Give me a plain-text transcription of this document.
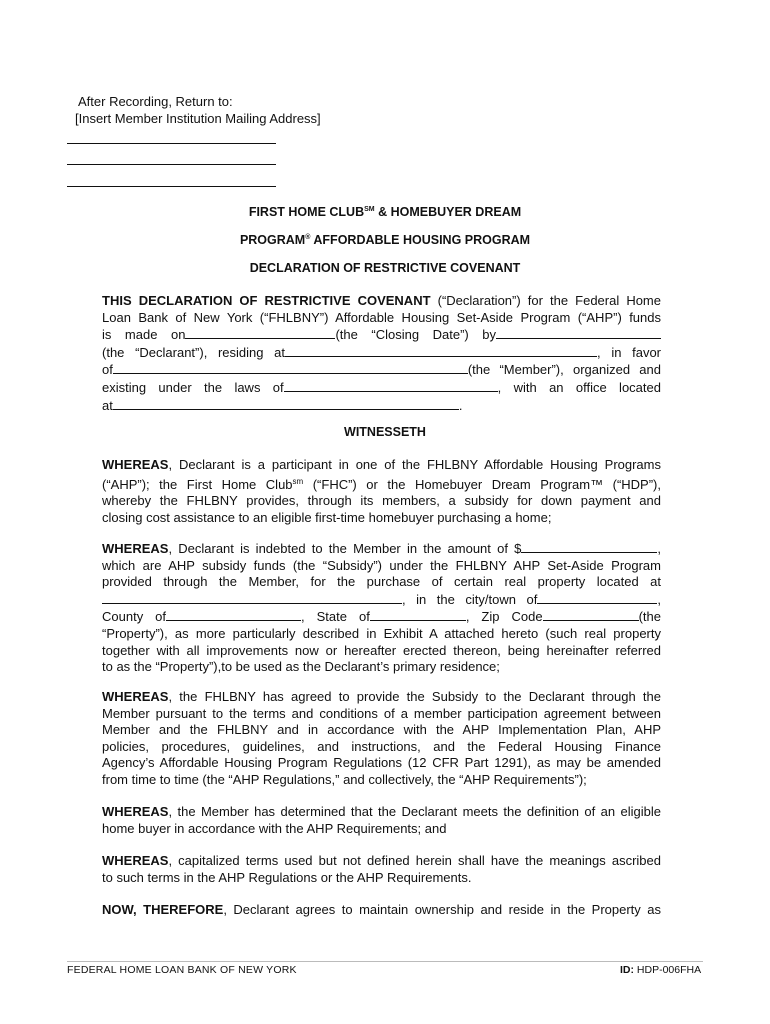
After Recording, Return to:
[Insert Member Institution Mailing Address]
FIRST HOME CLUB℠ & HOMEBUYER DREAM
PROGRAM® AFFORDABLE HOUSING PROGRAM
DECLARATION OF RESTRICTIVE COVENANT
THIS DECLARATION OF RESTRICTIVE COVENANT (“Declaration”) for the Federal Home
Loan Bank of New York (“FHLBNY”) Affordable Housing Set-Aside Program (“AHP”) funds
is made on	(the “Closing Date”) by
(the “Declarant”), residing at	, in favor
of	(the “Member”), organized and
existing under the laws of	, with an office located
at	.
WITNESSETH
WHEREAS, Declarant is a participant in one of the FHLBNY Affordable Housing Programs
(“AHP”); the First Home Club$^{sm}$ (“FHC”) or the Homebuyer Dream Program™ (“HDP”),
whereby the FHLBNY provides, through its members, a subsidy for down payment and
closing cost assistance to an eligible first-time homebuyer purchasing a home;
WHEREAS, Declarant is indebted to the Member in the amount of $	,
which are AHP subsidy funds (the “Subsidy”) under the FHLBNY AHP Set-Aside Program
provided through the Member, for the purchase of certain real property located at
, in the city/town of	,
County of	, State of	, Zip Code	(the
“Property”), as more particularly described in Exhibit A attached hereto (such real property
together with all improvements now or hereafter erected thereon, being hereinafter referred
to as the “Property”),to be used as the Declarant’s primary residence;
WHEREAS, the FHLBNY has agreed to provide the Subsidy to the Declarant through the
Member pursuant to the terms and conditions of a member participation agreement between
Member and the FHLBNY and in accordance with the AHP Implementation Plan, AHP
policies, procedures, guidelines, and instructions, and the Federal Housing Finance
Agency’s Affordable Housing Program Regulations (12 CFR Part 1291), as may be amended
from time to time (the “AHP Regulations,” and collectively, the “AHP Requirements”);
WHEREAS, the Member has determined that the Declarant meets the definition of an eligible
home buyer in accordance with the AHP Requirements; and
WHEREAS, capitalized terms used but not defined herein shall have the meanings ascribed
to such terms in the AHP Regulations or the AHP Requirements.
NOW, THEREFORE, Declarant agrees to maintain ownership and reside in the Property as
FEDERAL HOME LOAN BANK OF NEW YORK	ID: HDP-006FHA
